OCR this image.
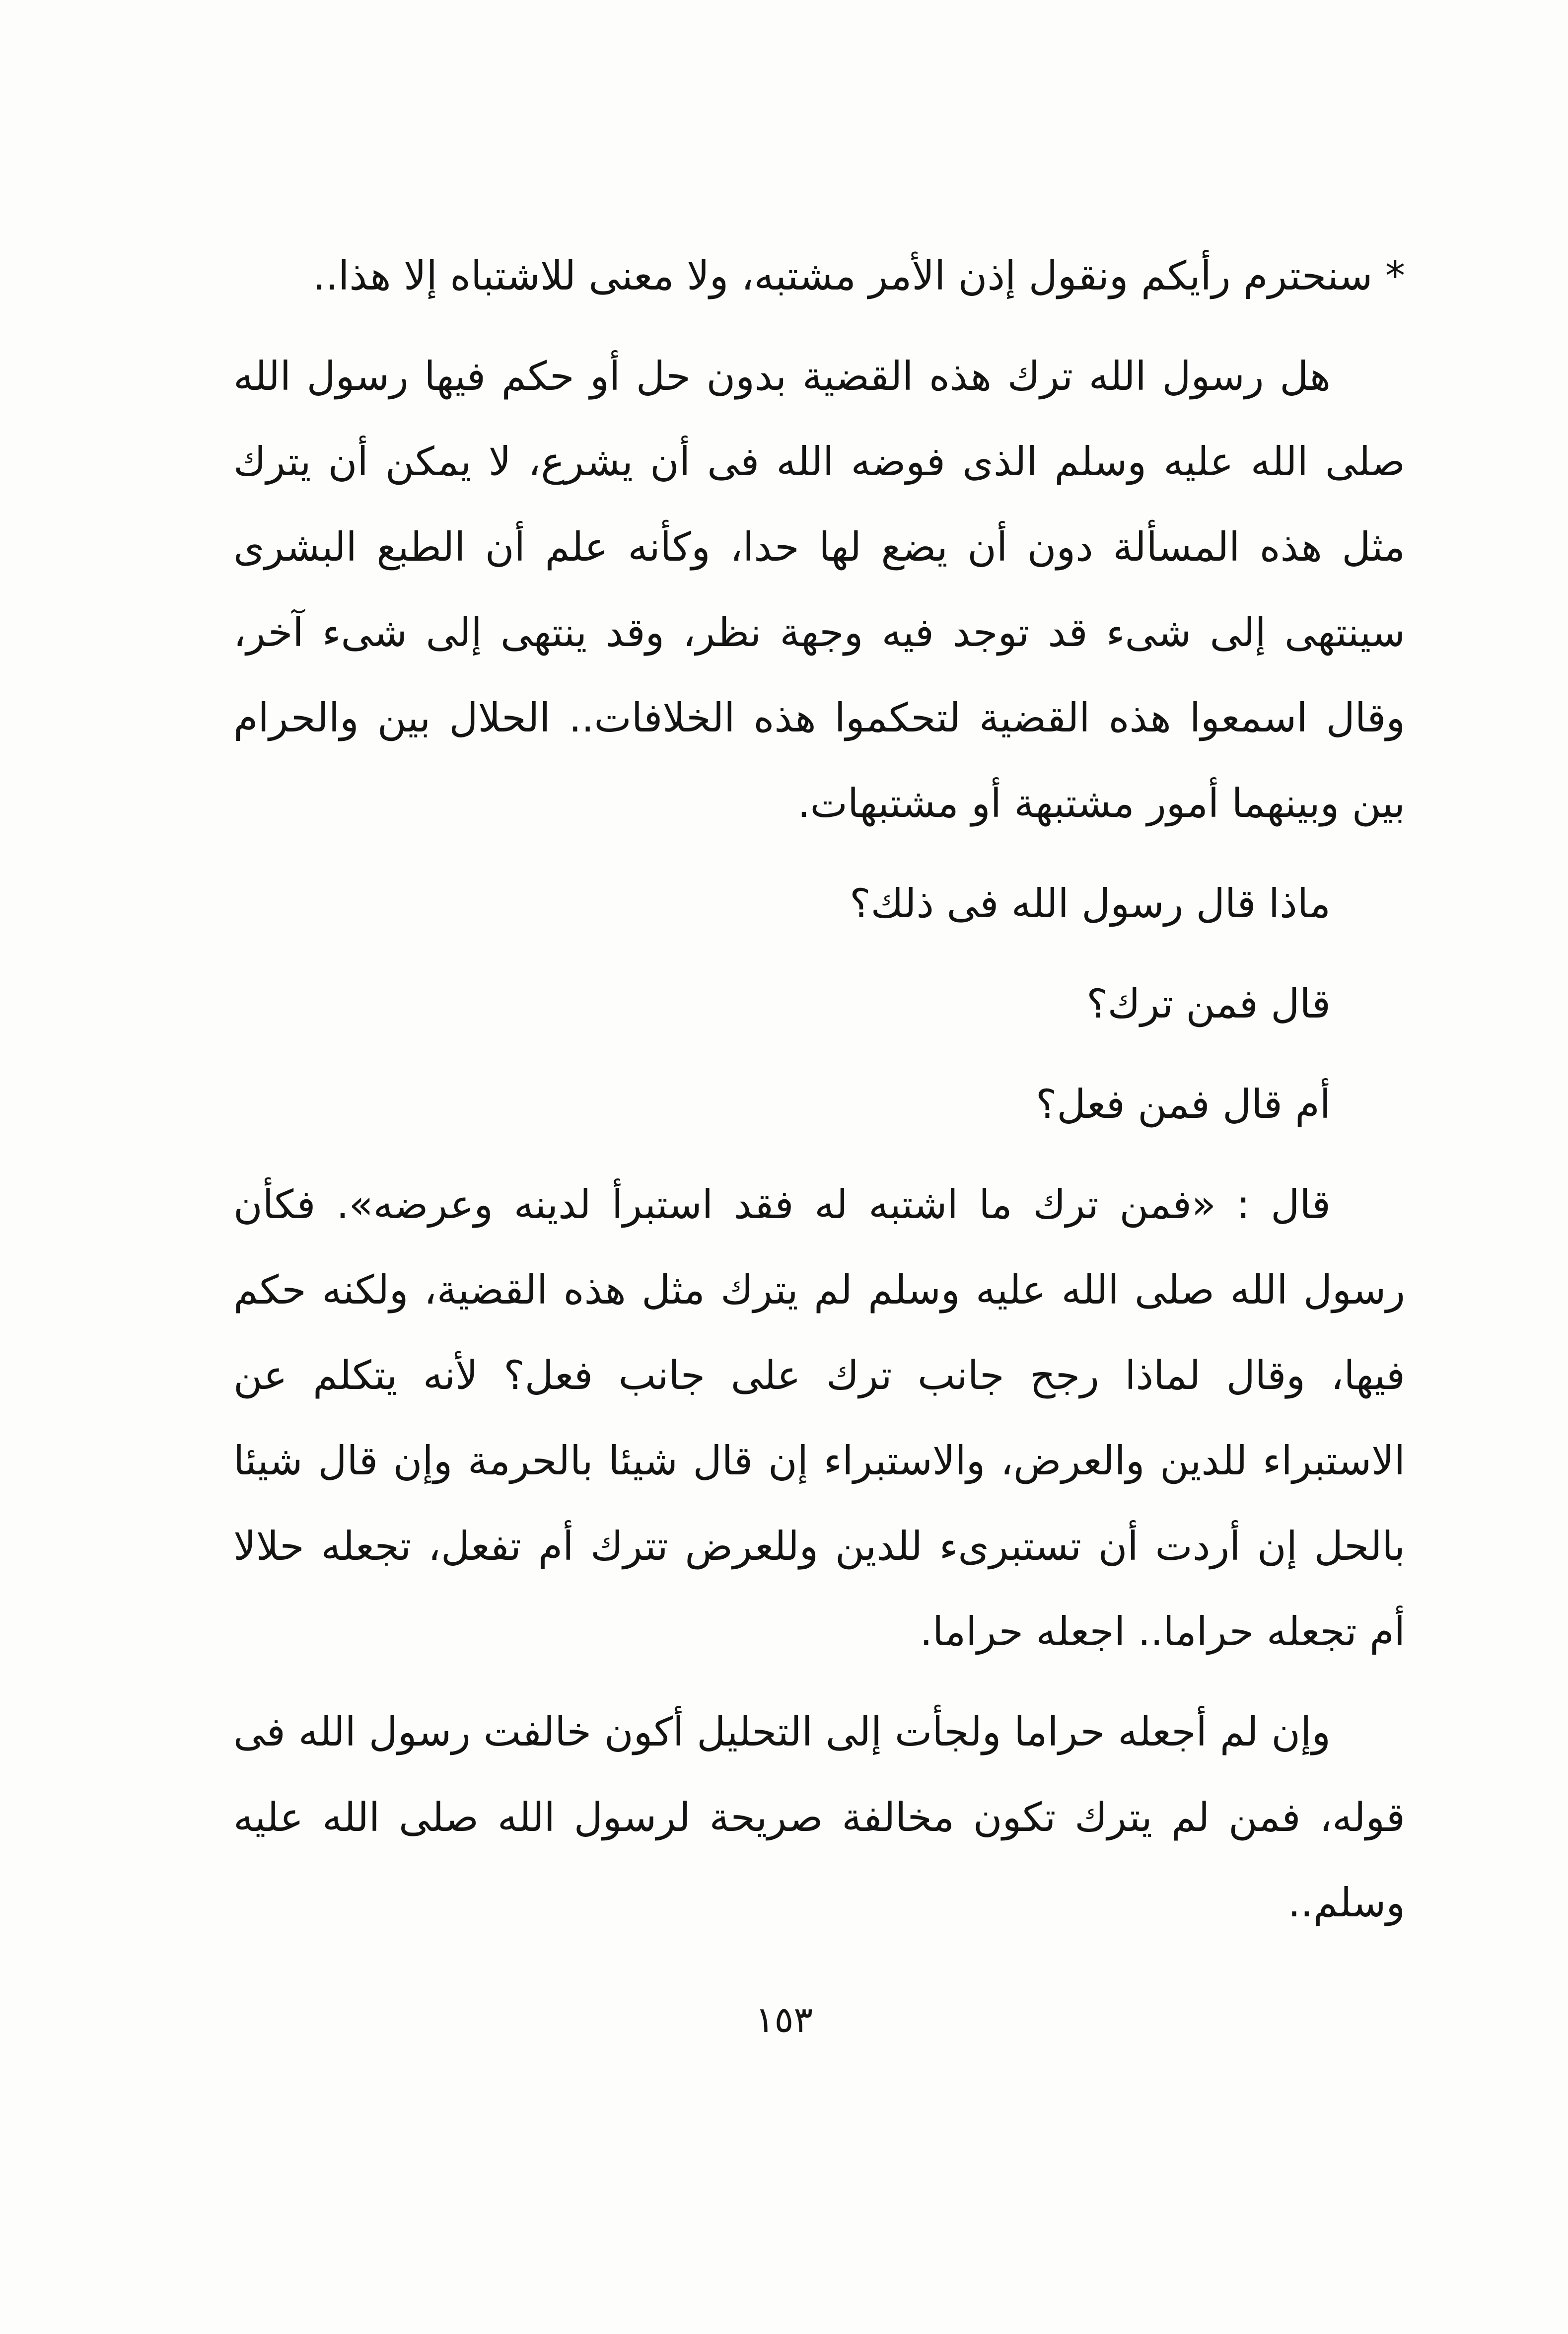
* سنحترم رأيكم ونقول إذن الأمر مشتبه، ولا معنى للاشتباه إلا هذا..

هل رسول الله ترك هذه القضية بدون حل أو حكم فيها رسول الله صلى الله عليه وسلم الذى فوضه الله فى أن يشرع، لا يمكن أن يترك مثل هذه المسألة دون أن يضع لها حدا، وكأنه علم أن الطبع البشرى سينتهى إلى شىء قد توجد فيه وجهة نظر، وقد ينتهى إلى شىء آخر، وقال اسمعوا هذه القضية لتحكموا هذه الخلافات.. الحلال بين والحرام بين وبينهما أمور مشتبهة أو مشتبهات.

ماذا قال رسول الله فى ذلك؟

قال فمن ترك؟

أم قال فمن فعل؟

قال : «فمن ترك ما اشتبه له فقد استبرأ لدينه وعرضه». فكأن رسول الله صلى الله عليه وسلم لم يترك مثل هذه القضية، ولكنه حكم فيها، وقال لماذا رجح جانب ترك على جانب فعل؟ لأنه يتكلم عن الاستبراء للدين والعرض، والاستبراء إن قال شيئا بالحرمة وإن قال شيئا بالحل إن أردت أن تستبرىء للدين وللعرض تترك أم تفعل، تجعله حلالا أم تجعله حراما.. اجعله حراما.

وإن لم أجعله حراما ولجأت إلى التحليل أكون خالفت رسول الله فى قوله، فمن لم يترك تكون مخالفة صريحة لرسول الله صلى الله عليه وسلم..

١٥٣
